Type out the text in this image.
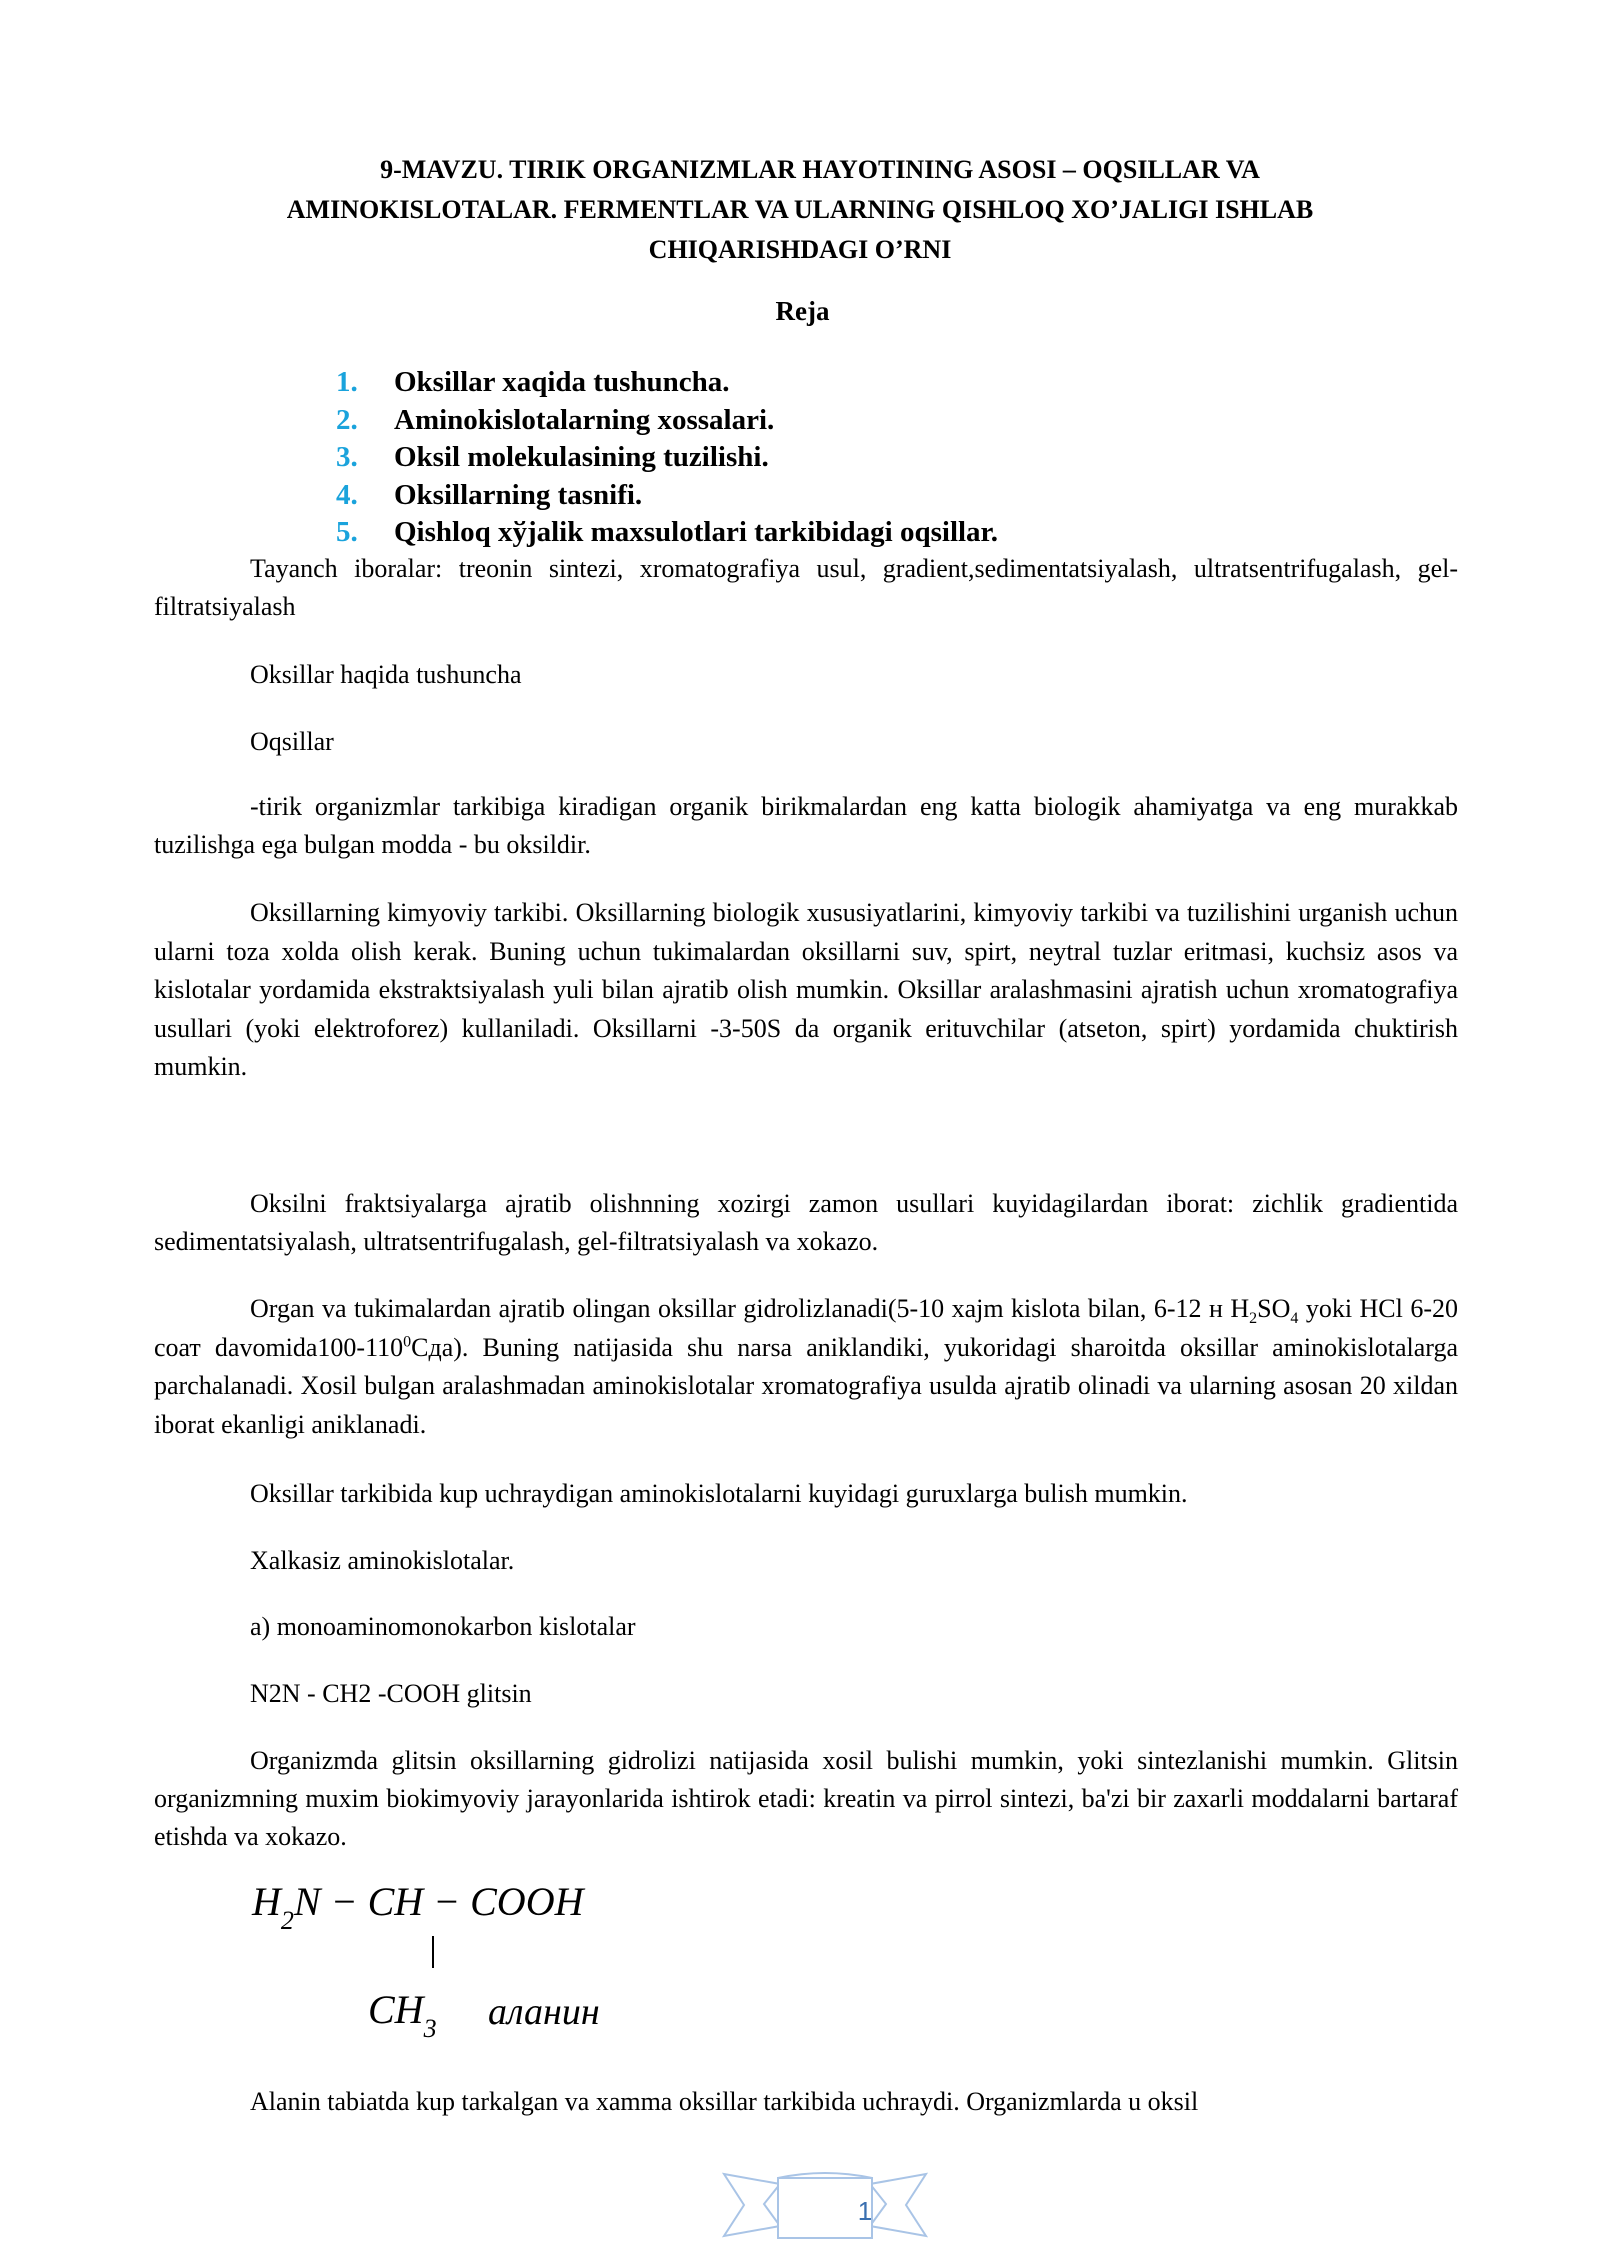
9-MAVZU. TIRIK ORGANIZMLAR HAYOTINING ASOSI – OQSILLAR VA
AMINOKISLOTALAR. FERMENTLAR VA ULARNING QISHLOQ XO’JALIGI ISHLAB
CHIQARISHDAGI O’RNI
Reja
1. Oksillar xaqida tushuncha.
2. Aminokislotalarning xossalari.
3. Oksil molekulasining tuzilishi.
4. Oksillarning tasnifi.
5. Qishloq xўjalik maxsulotlari tarkibidagi oqsillar.
Tayanch iboralar: treonin sintezi, xromatografiya usul, gradient,sedimentatsiyalash, ultratsentrifugalash, gel-filtratsiyalash
Oksillar haqida tushuncha
Oqsillar
-tirik organizmlar tarkibiga kiradigan organik birikmalardan eng katta biologik ahamiyatga va eng murakkab tuzilishga ega bulgan modda - bu oksildir.
Oksillarning kimyoviy tarkibi. Oksillarning biologik xususiyatlarini, kimyoviy tarkibi va tuzilishini urganish uchun ularni toza xolda olish kerak. Buning uchun tukimalardan oksillarni suv, spirt, neytral tuzlar eritmasi, kuchsiz asos va kislotalar yordamida ekstraktsiyalash yuli bilan ajratib olish mumkin. Oksillar aralashmasini ajratish uchun xromatografiya usullari (yoki elektroforez) kullaniladi. Oksillarni -3-50S da organik erituvchilar (atseton, spirt) yordamida chuktirish mumkin.
Oksilni fraktsiyalarga ajratib olishnning xozirgi zamon usullari kuyidagilardan iborat: zichlik gradientida sedimentatsiyalash, ultratsentrifugalash, gel-filtratsiyalash va xokazo.
Organ va tukimalardan ajratib olingan oksillar gidrolizlanadi(5-10 xajm kislota bilan, 6-12 н $H_2SO_4$ yoki HCl 6-20 соат $davomida100-110^0Сда$). Buning natijasida shu narsa aniklandiki, yukoridagi sharoitda oksillar aminokislotalarga parchalanadi. Xosil bulgan aralashmadan aminokislotalar xromatografiya usulda ajratib olinadi va ularning asosan 20 xildan iborat ekanligi aniklanadi.
Oksillar tarkibida kup uchraydigan aminokislotalarni kuyidagi guruxlarga bulish mumkin.
Xalkasiz aminokislotalar.
a) monoaminomonokarbon kislotalar
N2N - CH2 -COOH glitsin
Organizmda glitsin oksillarning gidrolizi natijasida xosil bulishi mumkin, yoki sintezlanishi mumkin. Glitsin organizmning muxim biokimyoviy jarayonlarida ishtirok etadi: kreatin va pirrol sintezi, ba'zi bir zaxarli moddalarni bartaraf etishda va xokazo.
$H_2N$ − CH − COOH
$CH_3$ аланин
Alanin tabiatda kup tarkalgan va xamma oksillar tarkibida uchraydi. Organizmlarda u oksil
1
